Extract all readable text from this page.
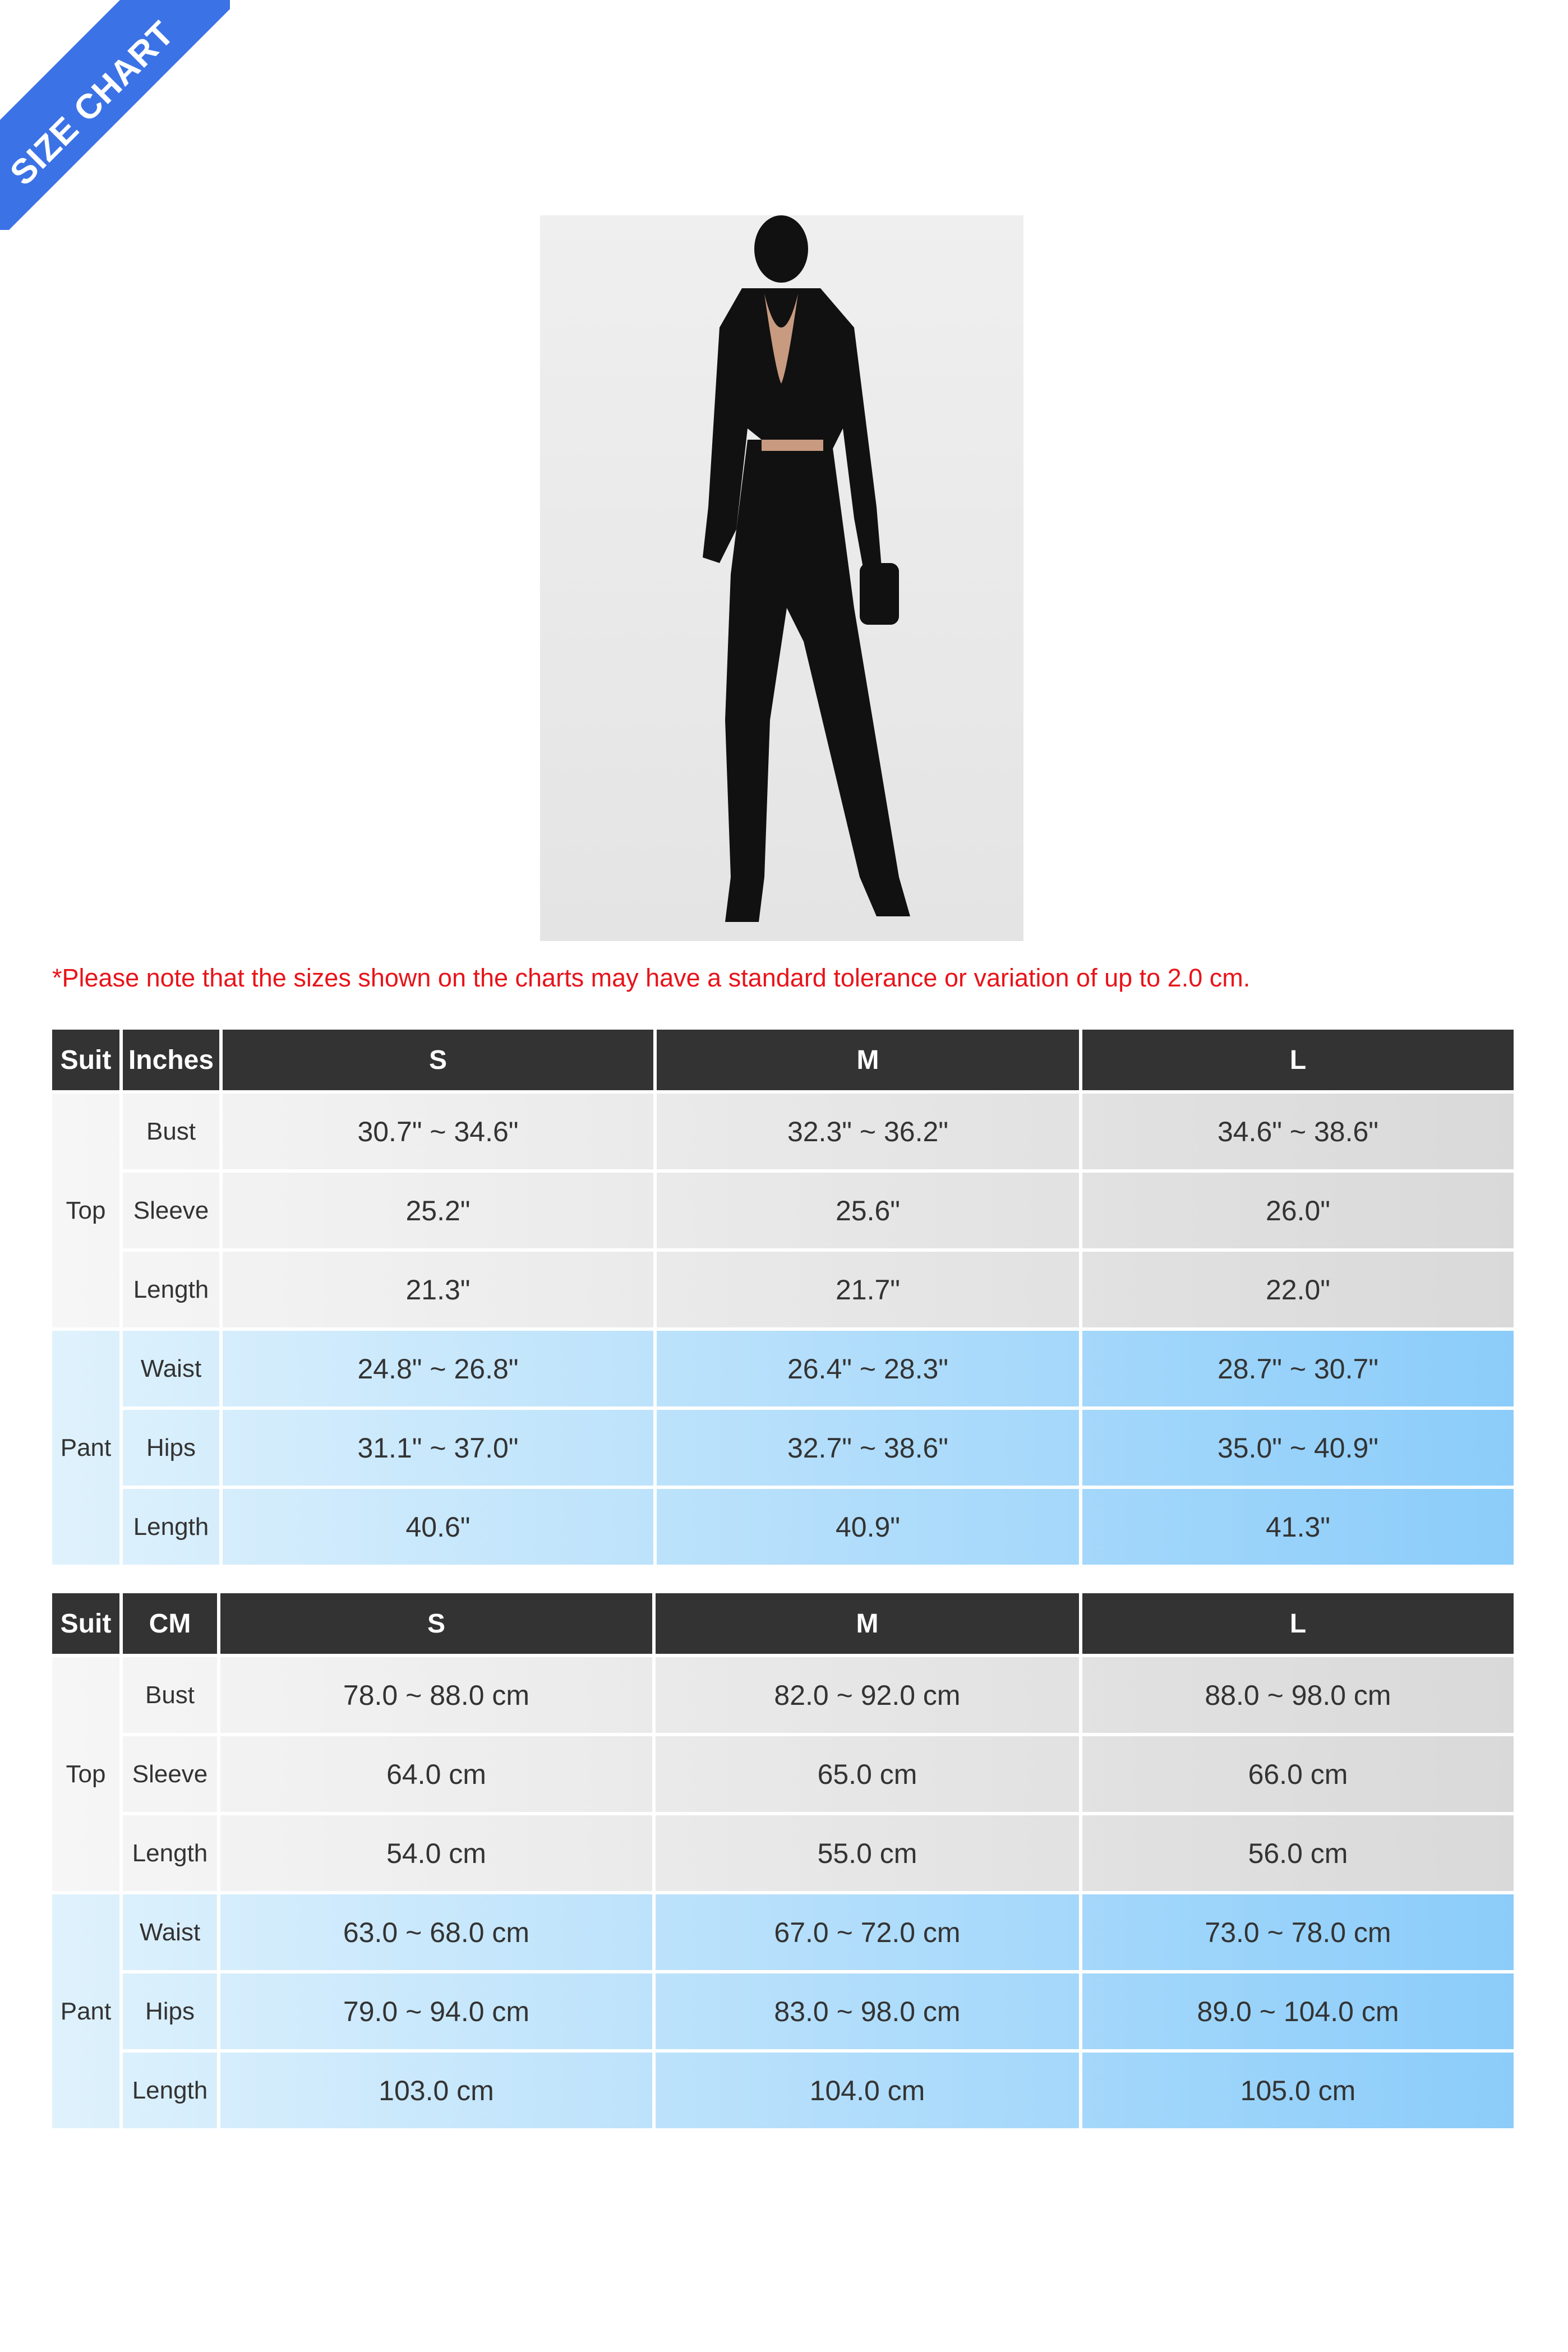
SIZE CHART
*Please note that the sizes shown on the charts may have a standard tolerance or variation of up to 2.0 cm.
Suit	Inches	S	M	L
Top	Bust	30.7" ~ 34.6"	32.3" ~ 36.2"	34.6" ~ 38.6"
	Sleeve	25.2"	25.6"	26.0"
	Length	21.3"	21.7"	22.0"
Pant	Waist	24.8" ~ 26.8"	26.4" ~ 28.3"	28.7" ~ 30.7"
	Hips	31.1" ~ 37.0"	32.7" ~ 38.6"	35.0" ~ 40.9"
	Length	40.6"	40.9"	41.3"
Suit	CM	S	M	L
Top	Bust	78.0 ~ 88.0 cm	82.0 ~ 92.0 cm	88.0 ~ 98.0 cm
	Sleeve	64.0 cm	65.0 cm	66.0 cm
	Length	54.0 cm	55.0 cm	56.0 cm
Pant	Waist	63.0 ~ 68.0 cm	67.0 ~ 72.0 cm	73.0 ~ 78.0 cm
	Hips	79.0 ~ 94.0 cm	83.0 ~ 98.0 cm	89.0 ~ 104.0 cm
	Length	103.0 cm	104.0 cm	105.0 cm
